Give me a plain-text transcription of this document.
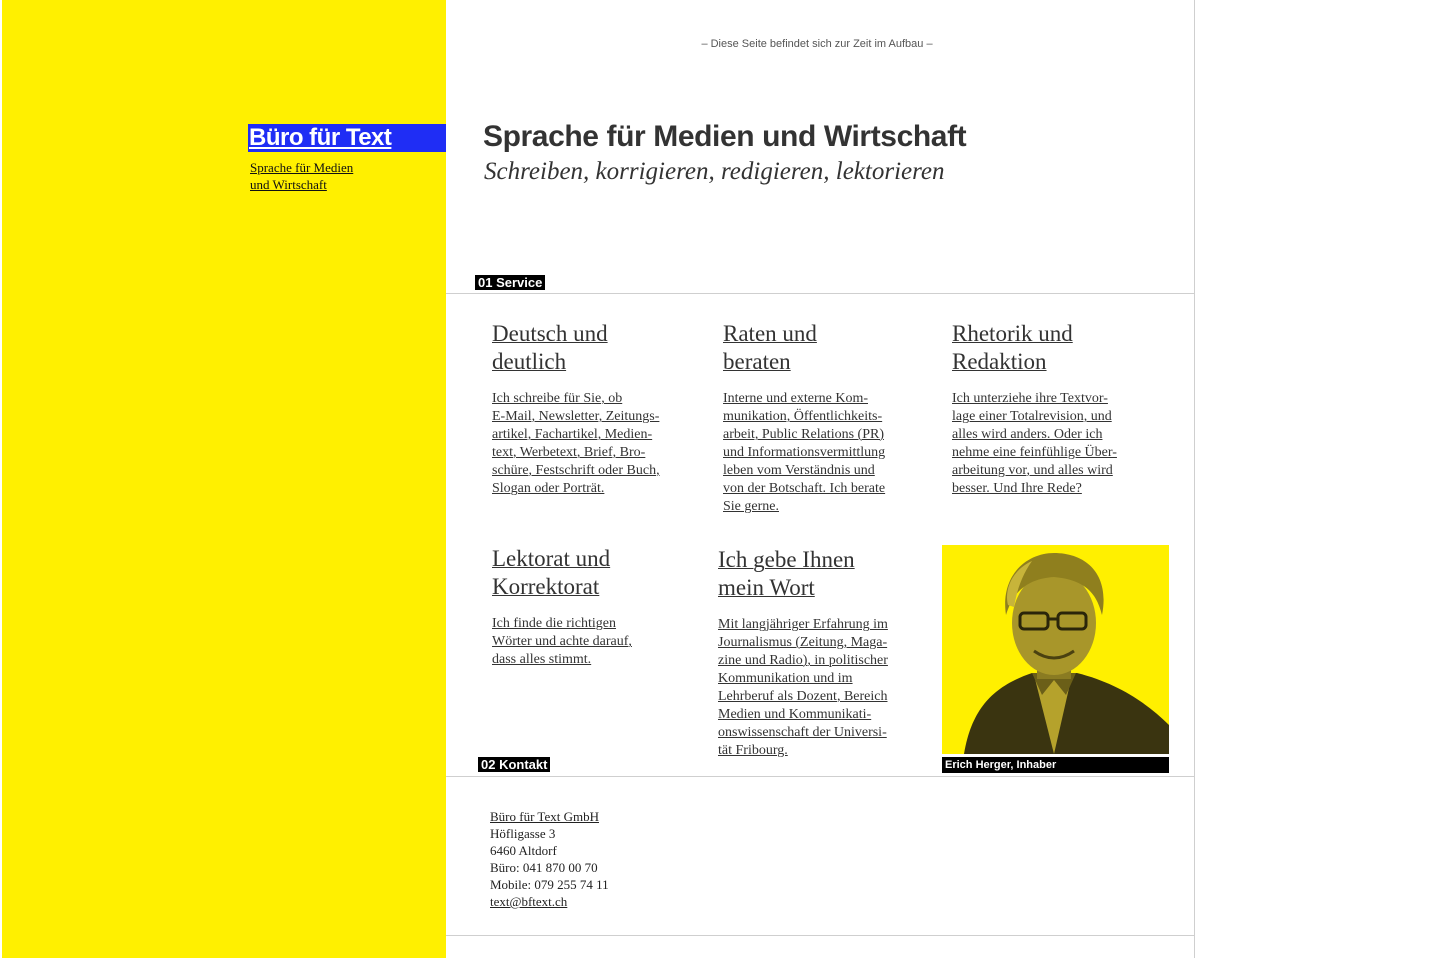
Büro für Text
Sprache für Medien
und Wirtschaft
– Diese Seite befindet sich zur Zeit im Aufbau –
Sprache für Medien und Wirtschaft
Schreiben, korrigieren, redigieren, lektorieren
01 Service
Deutsch und
deutlich
Ich schreibe für Sie, ob
E-Mail, Newsletter, Zeitungs-
artikel, Fachartikel, Medien-
text, Werbetext, Brief, Bro-
schüre, Festschrift oder Buch,
Slogan oder Porträt.
Raten und
beraten
Interne und externe Kom-
munikation, Öffentlichkeits-
arbeit, Public Relations (PR)
und Informationsvermittlung
leben vom Verständnis und
von der Botschaft. Ich berate
Sie gerne.
Rhetorik und
Redaktion
Ich unterziehe ihre Textvor-
lage einer Totalrevision, und
alles wird anders. Oder ich
nehme eine feinfühlige Über-
arbeitung vor, und alles wird
besser. Und Ihre Rede?
Lektorat und
Korrektorat
Ich finde die richtigen
Wörter und achte darauf,
dass alles stimmt.
Ich gebe Ihnen
mein Wort
Mit langjähriger Erfahrung im
Journalismus (Zeitung, Maga-
zine und Radio), in politischer
Kommunikation und im
Lehrberuf als Dozent, Bereich
Medien und Kommunikati-
onswissenschaft der Universi-
tät Fribourg.
Erich Herger, Inhaber
02 Kontakt
Büro für Text GmbH
Höfligasse 3
6460 Altdorf
Büro: 041 870 00 70
Mobile: 079 255 74 11
text@bftext.ch
